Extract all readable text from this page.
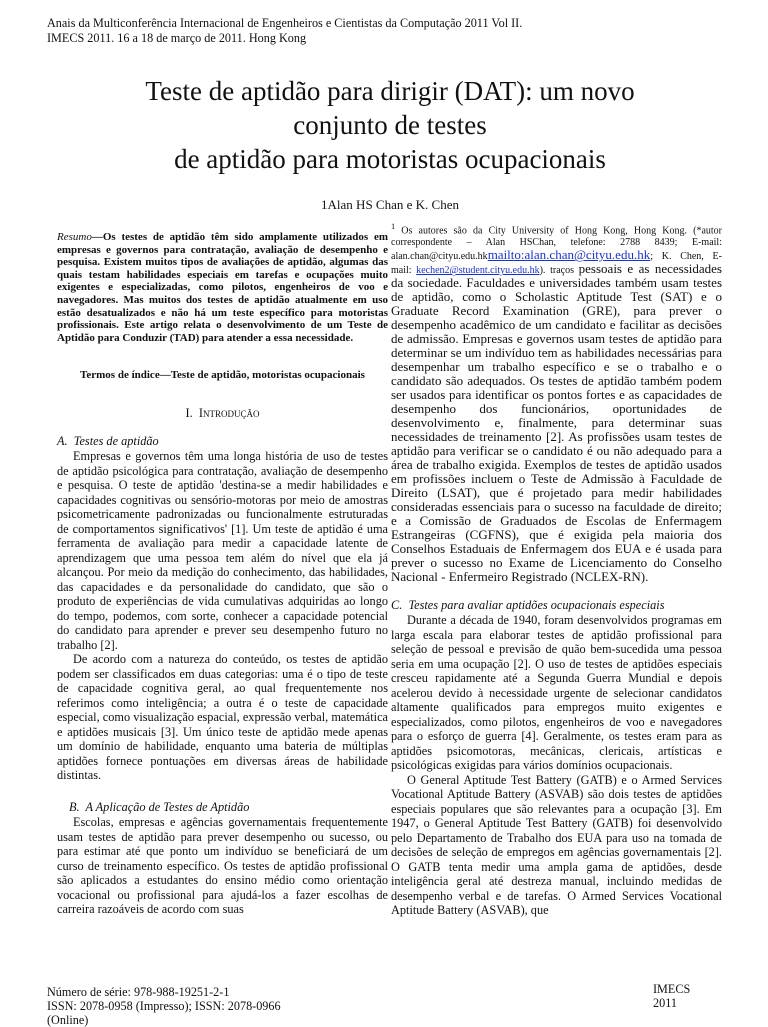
Anais da Multiconferência Internacional de Engenheiros e Cientistas da Computação 2011 Vol II.
IMECS 2011. 16 a 18 de março de 2011. Hong Kong
Teste de aptidão para dirigir (DAT): um novo
conjunto de testes
de aptidão para motoristas ocupacionais
1Alan HS Chan e K. Chen
Resumo—Os testes de aptidão têm sido amplamente utilizados em empresas e governos para contratação, avaliação de desempenho e pesquisa. Existem muitos tipos de avaliações de aptidão, algumas das quais testam habilidades especiais em tarefas e ocupações muito exigentes e especializadas, como pilotos, engenheiros de voo e navegadores. Mas muitos dos testes de aptidão atualmente em uso estão desatualizados e não há um teste específico para motoristas profissionais. Este artigo relata o desenvolvimento de um Teste de Aptidão para Conduzir (TAD) para atender a essa necessidade.
Termos de índice—Teste de aptidão, motoristas ocupacionais
I. Introdução
A. Testes de aptidão

Empresas e governos têm uma longa história de uso de testes de aptidão psicológica para contratação, avaliação de desempenho e pesquisa. O teste de aptidão 'destina-se a medir habilidades e capacidades cognitivas ou sensório-motoras por meio de amostras psicometricamente padronizadas ou funcionalmente estruturadas de comportamentos significativos' [1]. Um teste de aptidão é uma ferramenta de avaliação para medir a capacidade latente de aprendizagem que uma pessoa tem além do nível que ela já alcançou. Por meio da medição do conhecimento, das habilidades, das capacidades e da personalidade do candidato, que são o produto de experiências de vida cumulativas adquiridas ao longo do tempo, podemos, com sorte, conhecer a capacidade potencial do candidato para aprender e prever seu desempenho futuro no trabalho [2].

De acordo com a natureza do conteúdo, os testes de aptidão podem ser classificados em duas categorias: uma é o tipo de teste de capacidade cognitiva geral, ao qual frequentemente nos referimos como inteligência; a outra é o teste de capacidade especial, como visualização espacial, expressão verbal, matemática e aptidões musicais [3]. Um único teste de aptidão mede apenas um domínio de habilidade, enquanto uma bateria de múltiplas aptidões fornece pontuações em diversas áreas de habilidade distintas.

B. A Aplicação de Testes de Aptidão

Escolas, empresas e agências governamentais frequentemente usam testes de aptidão para prever desempenho ou sucesso, ou para estimar até que ponto um indivíduo se beneficiará de um curso de treinamento específico. Os testes de aptidão profissional são aplicados a estudantes do ensino médio como orientação vocacional ou profissional para ajudá-los a fazer escolhas de carreira razoáveis de acordo com suas

$^1$ Os autores são da City University of Hong Kong, Hong Kong. (*autor correspondente – Alan HSChan, telefone: 2788 8439; E-mail: alan.chan@cityu.edu.hkmailto:alan.chan@cityu.edu.hk; K. Chen, E-mail: kechen2@student.cityu.edu.hk). traços pessoais e as necessidades da sociedade. Faculdades e universidades também usam testes de aptidão, como o Scholastic Aptitude Test (SAT) e o Graduate Record Examination (GRE), para prever o desempenho acadêmico de um candidato e facilitar as decisões de admissão. Empresas e governos usam testes de aptidão para determinar se um indivíduo tem as habilidades necessárias para desempenhar um trabalho específico e se o trabalho e o candidato são adequados. Os testes de aptidão também podem ser usados para identificar os pontos fortes e as capacidades de desempenho dos funcionários, oportunidades de desenvolvimento e, finalmente, para determinar suas necessidades de treinamento [2]. As profissões usam testes de aptidão para verificar se o candidato é ou não adequado para a área de trabalho exigida. Exemplos de testes de aptidão usados em profissões incluem o Teste de Admissão à Faculdade de Direito (LSAT), que é projetado para medir habilidades consideradas essenciais para o sucesso na faculdade de direito; e a Comissão de Graduados de Escolas de Enfermagem Estrangeiras (CGFNS), que é exigida pela maioria dos Conselhos Estaduais de Enfermagem dos EUA e é usada para prever o sucesso no Exame de Licenciamento do Conselho Nacional - Enfermeiro Registrado (NCLEX-RN).
C. Testes para avaliar aptidões ocupacionais especiais

Durante a década de 1940, foram desenvolvidos programas em larga escala para elaborar testes de aptidão profissional para seleção de pessoal e previsão de quão bem-sucedida uma pessoa seria em uma ocupação [2]. O uso de testes de aptidões especiais cresceu rapidamente até a Segunda Guerra Mundial e depois acelerou devido à necessidade urgente de selecionar candidatos altamente qualificados para empregos muito exigentes e especializados, como pilotos, engenheiros de voo e navegadores para o esforço de guerra [4]. Geralmente, os testes eram para as aptidões psicomotoras, mecânicas, clericais, artísticas e psicológicas exigidas para vários domínios ocupacionais.

O General Aptitude Test Battery (GATB) e o Armed Services Vocational Aptitude Battery (ASVAB) são dois testes de aptidões especiais populares que são relevantes para a ocupação [3]. Em 1947, o General Aptitude Test Battery (GATB) foi desenvolvido pelo Departamento de Trabalho dos EUA para uso na tomada de decisões de seleção de empregos em agências governamentais [2]. O GATB tenta medir uma ampla gama de aptidões, desde inteligência geral até destreza manual, incluindo medidas de desempenho verbal e de tarefas. O Armed Services Vocational Aptitude Battery (ASVAB), que

Número de série: 978-988-19251-2-1
ISSN: 2078-0958 (Impresso); ISSN: 2078-0966
(Online)
IMECS
2011
